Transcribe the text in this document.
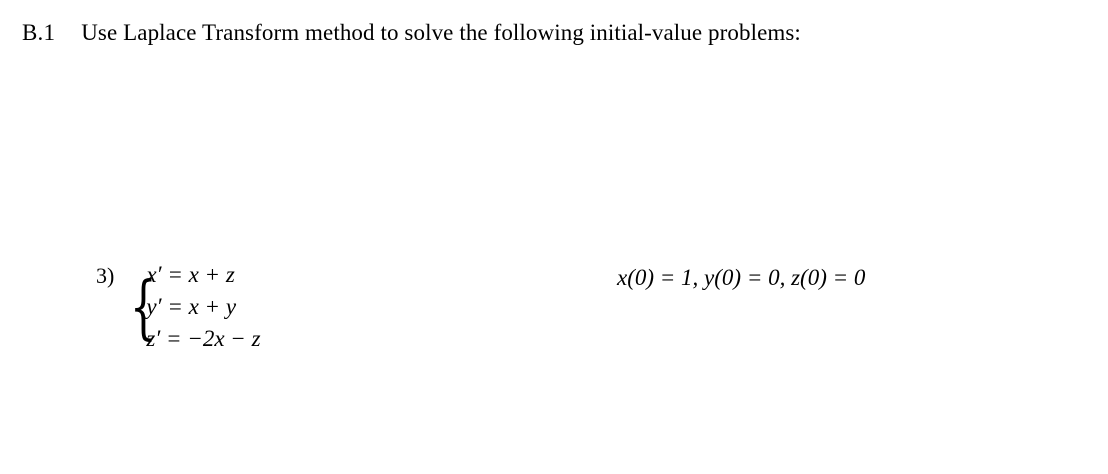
B.1 Use Laplace Transform method to solve the following initial-value problems:
3) {
x′ = x + z
y′ = x + y
z′ = −2x − z
x(0) = 1, y(0) = 0, z(0) = 0
